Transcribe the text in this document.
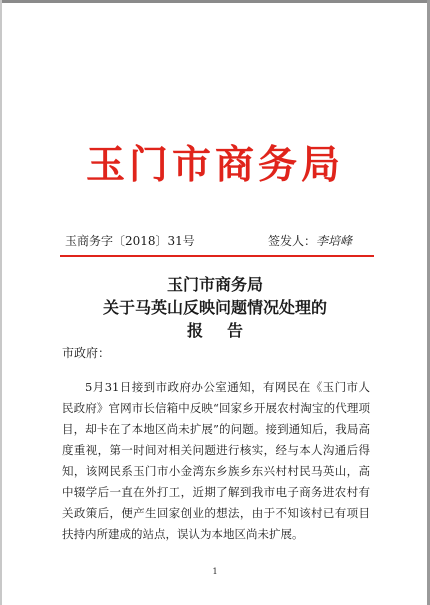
玉门市商务局
玉商务字〔2018〕31号	签发人：李培峰
玉门市商务局
关于马英山反映问题情况处理的
报告
市政府：

5月31日接到市政府办公室通知，有网民在《玉门市人民政府》官网市长信箱中反映“回家乡开展农村淘宝的代理项目，却卡在了本地区尚未扩展”的问题。接到通知后，我局高度重视，第一时间对相关问题进行核实，经与本人沟通后得知，该网民系玉门市小金湾东乡族乡东兴村村民马英山，高中辍学后一直在外打工，近期了解到我市电子商务进农村有关政策后，便产生回家创业的想法，由于不知该村已有项目扶持内所建成的站点，误认为本地区尚未扩展。

1
